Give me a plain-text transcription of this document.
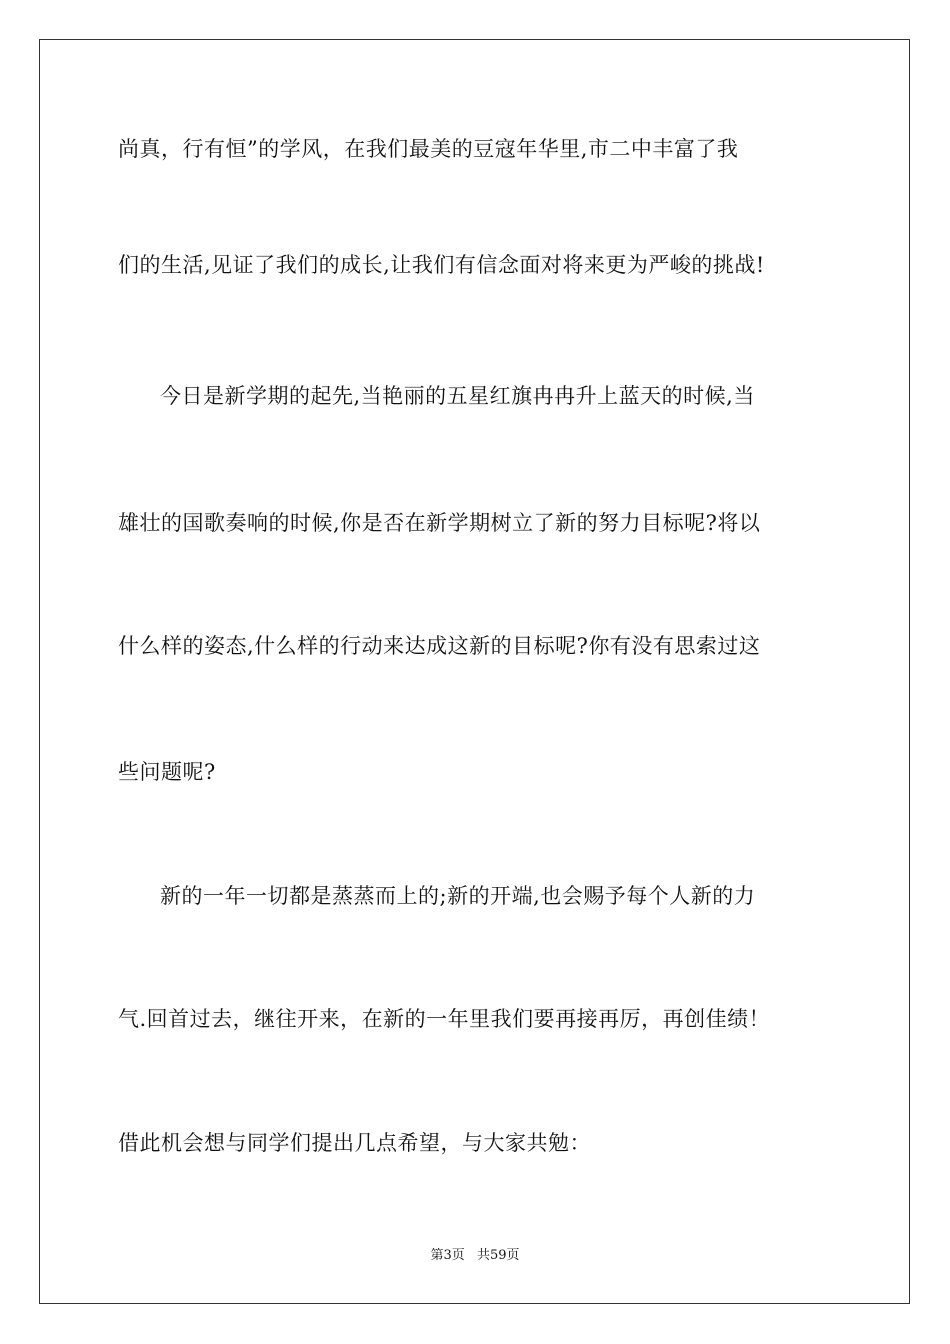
尚真，行有恒”的学风，在我们最美的豆寇年华里,市二中丰富了我
们的生活,见证了我们的成长,让我们有信念面对将来更为严峻的挑战!
今日是新学期的起先,当艳丽的五星红旗冉冉升上蓝天的时候,当
雄壮的国歌奏响的时候,你是否在新学期树立了新的努力目标呢?将以
什么样的姿态,什么样的行动来达成这新的目标呢?你有没有思索过这
些问题呢?
新的一年一切都是蒸蒸而上的;新的开端,也会赐予每个人新的力
气.回首过去，继往开来，在新的一年里我们要再接再厉，再创佳绩！
借此机会想与同学们提出几点希望，与大家共勉：
第3页 共59页
